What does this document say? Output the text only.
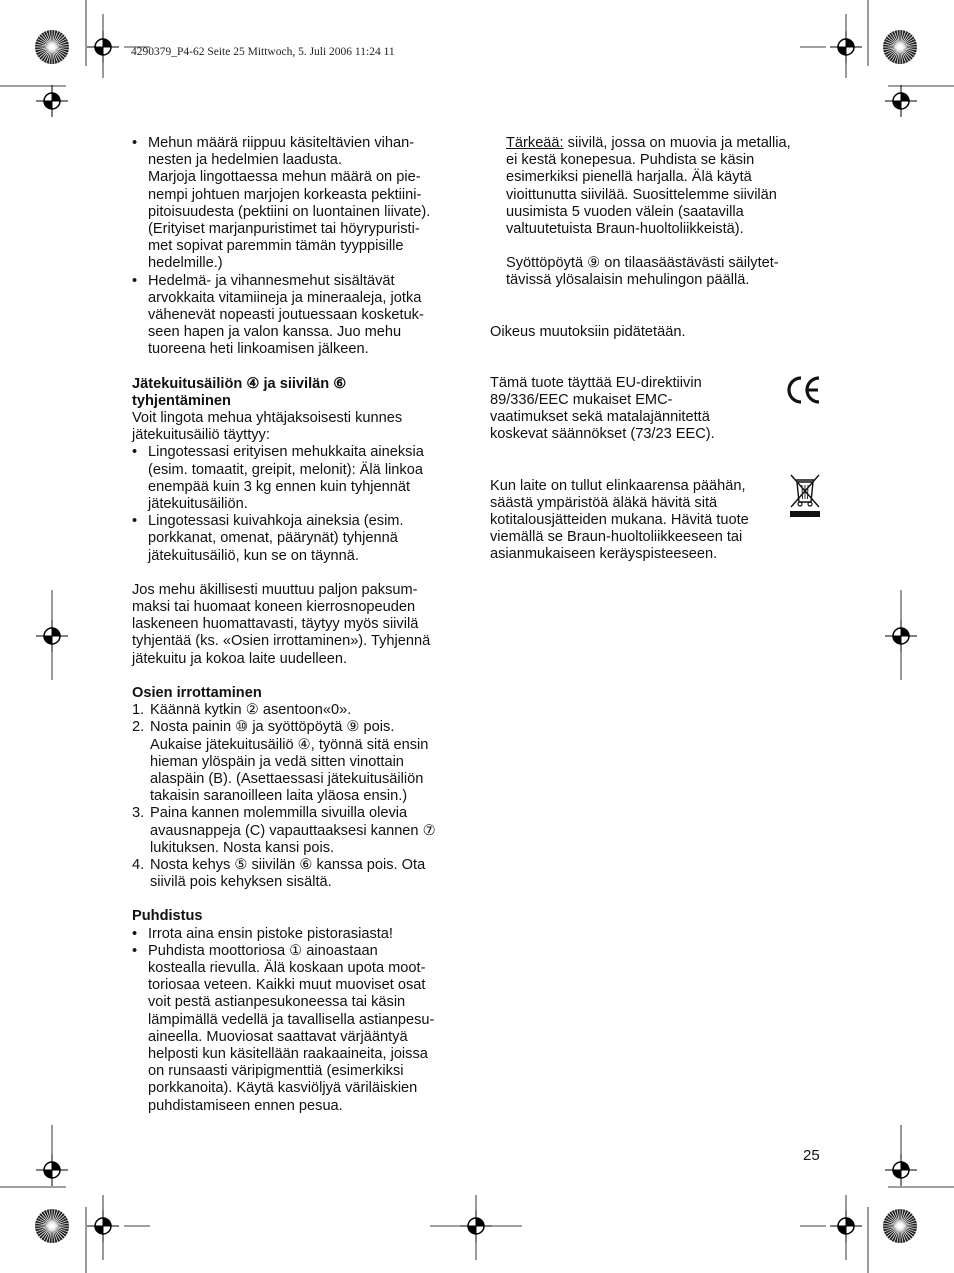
4290379_P4-62 Seite 25 Mittwoch, 5. Juli 2006 11:24 11
• Mehun määrä riippuu käsiteltävien vihan-
nesten ja hedelmien laadusta.
Marjoja lingottaessa mehun määrä on pie-
nempi johtuen marjojen korkeasta pektiini-
pitoisuudesta (pektiini on luontainen liivate).
(Erityiset marjanpuristimet tai höyrypuristi-
met sopivat paremmin tämän tyyppisille
hedelmille.)
• Hedelmä- ja vihannesmehut sisältävät
arvokkaita vitamiineja ja mineraaleja, jotka
vähenevät nopeasti joutuessaan kosketuk-
seen hapen ja valon kanssa. Juo mehu
tuoreena heti linkoamisen jälkeen.
Jätekuitusäiliön ④ ja siivilän ⑥
tyhjentäminen
Voit lingota mehua yhtäjaksoisesti kunnes
jätekuitusäiliö täyttyy:
• Lingotessasi erityisen mehukkaita aineksia
(esim. tomaatit, greipit, melonit): Älä linkoa
enempää kuin 3 kg ennen kuin tyhjennät
jätekuitusäiliön.
• Lingotessasi kuivahkoja aineksia (esim.
porkkanat, omenat, päärynät) tyhjennä
jätekuitusäiliö, kun se on täynnä.
Jos mehu äkillisesti muuttuu paljon paksum-
maksi tai huomaat koneen kierrosnopeuden
laskeneen huomattavasti, täytyy myös siivilä
tyhjentää (ks. «Osien irrottaminen»). Tyhjennä
jätekuitu ja kokoa laite uudelleen.
Osien irrottaminen
1. Käännä kytkin ② asentoon«0».
2. Nosta painin ⑩ ja syöttöpöytä ⑨ pois.
Aukaise jätekuitusäiliö ④, työnnä sitä ensin
hieman ylöspäin ja vedä sitten vinottain
alaspäin (B). (Asettaessasi jätekuitusäiliön
takaisin saranoilleen laita yläosa ensin.)
3. Paina kannen molemmilla sivuilla olevia
avausnappeja (C) vapauttaaksesi kannen ⑦
lukituksen. Nosta kansi pois.
4. Nosta kehys ⑤ siivilän ⑥ kanssa pois. Ota
siivilä pois kehyksen sisältä.
Puhdistus
• Irrota aina ensin pistoke pistorasiasta!
• Puhdista moottoriosa ① ainoastaan
kostealla rievulla. Älä koskaan upota moot-
toriosaa veteen. Kaikki muut muoviset osat
voit pestä astianpesukoneessa tai käsin
lämpimällä vedellä ja tavallisella astianpesu-
aineella. Muoviosat saattavat värjääntyä
helposti kun käsitellään raakaaineita, joissa
on runsaasti väripigmenttiä (esimerkiksi
porkkanoita). Käytä kasviöljyä väriläiskien
puhdistamiseen ennen pesua.
Tärkeää: siivilä, jossa on muovia ja metallia,
ei kestä konepesua. Puhdista se käsin
esimerkiksi pienellä harjalla. Älä käytä
vioittunutta siivilää. Suosittelemme siivilän
uusimista 5 vuoden välein (saatavilla
valtuutetuista Braun-huoltoliikkeistä).
Syöttöpöytä ⑨ on tilaasäästävästi säilytet-
tävissä ylösalaisin mehulingon päällä.
Oikeus muutoksiin pidätetään.
Tämä tuote täyttää EU-direktiivin
89/336/EEC mukaiset EMC-
vaatimukset sekä matalajännitettä
koskevat säännökset (73/23 EEC).
Kun laite on tullut elinkaarensa päähän,
säästä ympäristöä äläkä hävitä sitä
kotitalousjätteiden mukana. Hävitä tuote
viemällä se Braun-huoltoliikkeeseen tai
asianmukaiseen keräyspisteeseen.
25
